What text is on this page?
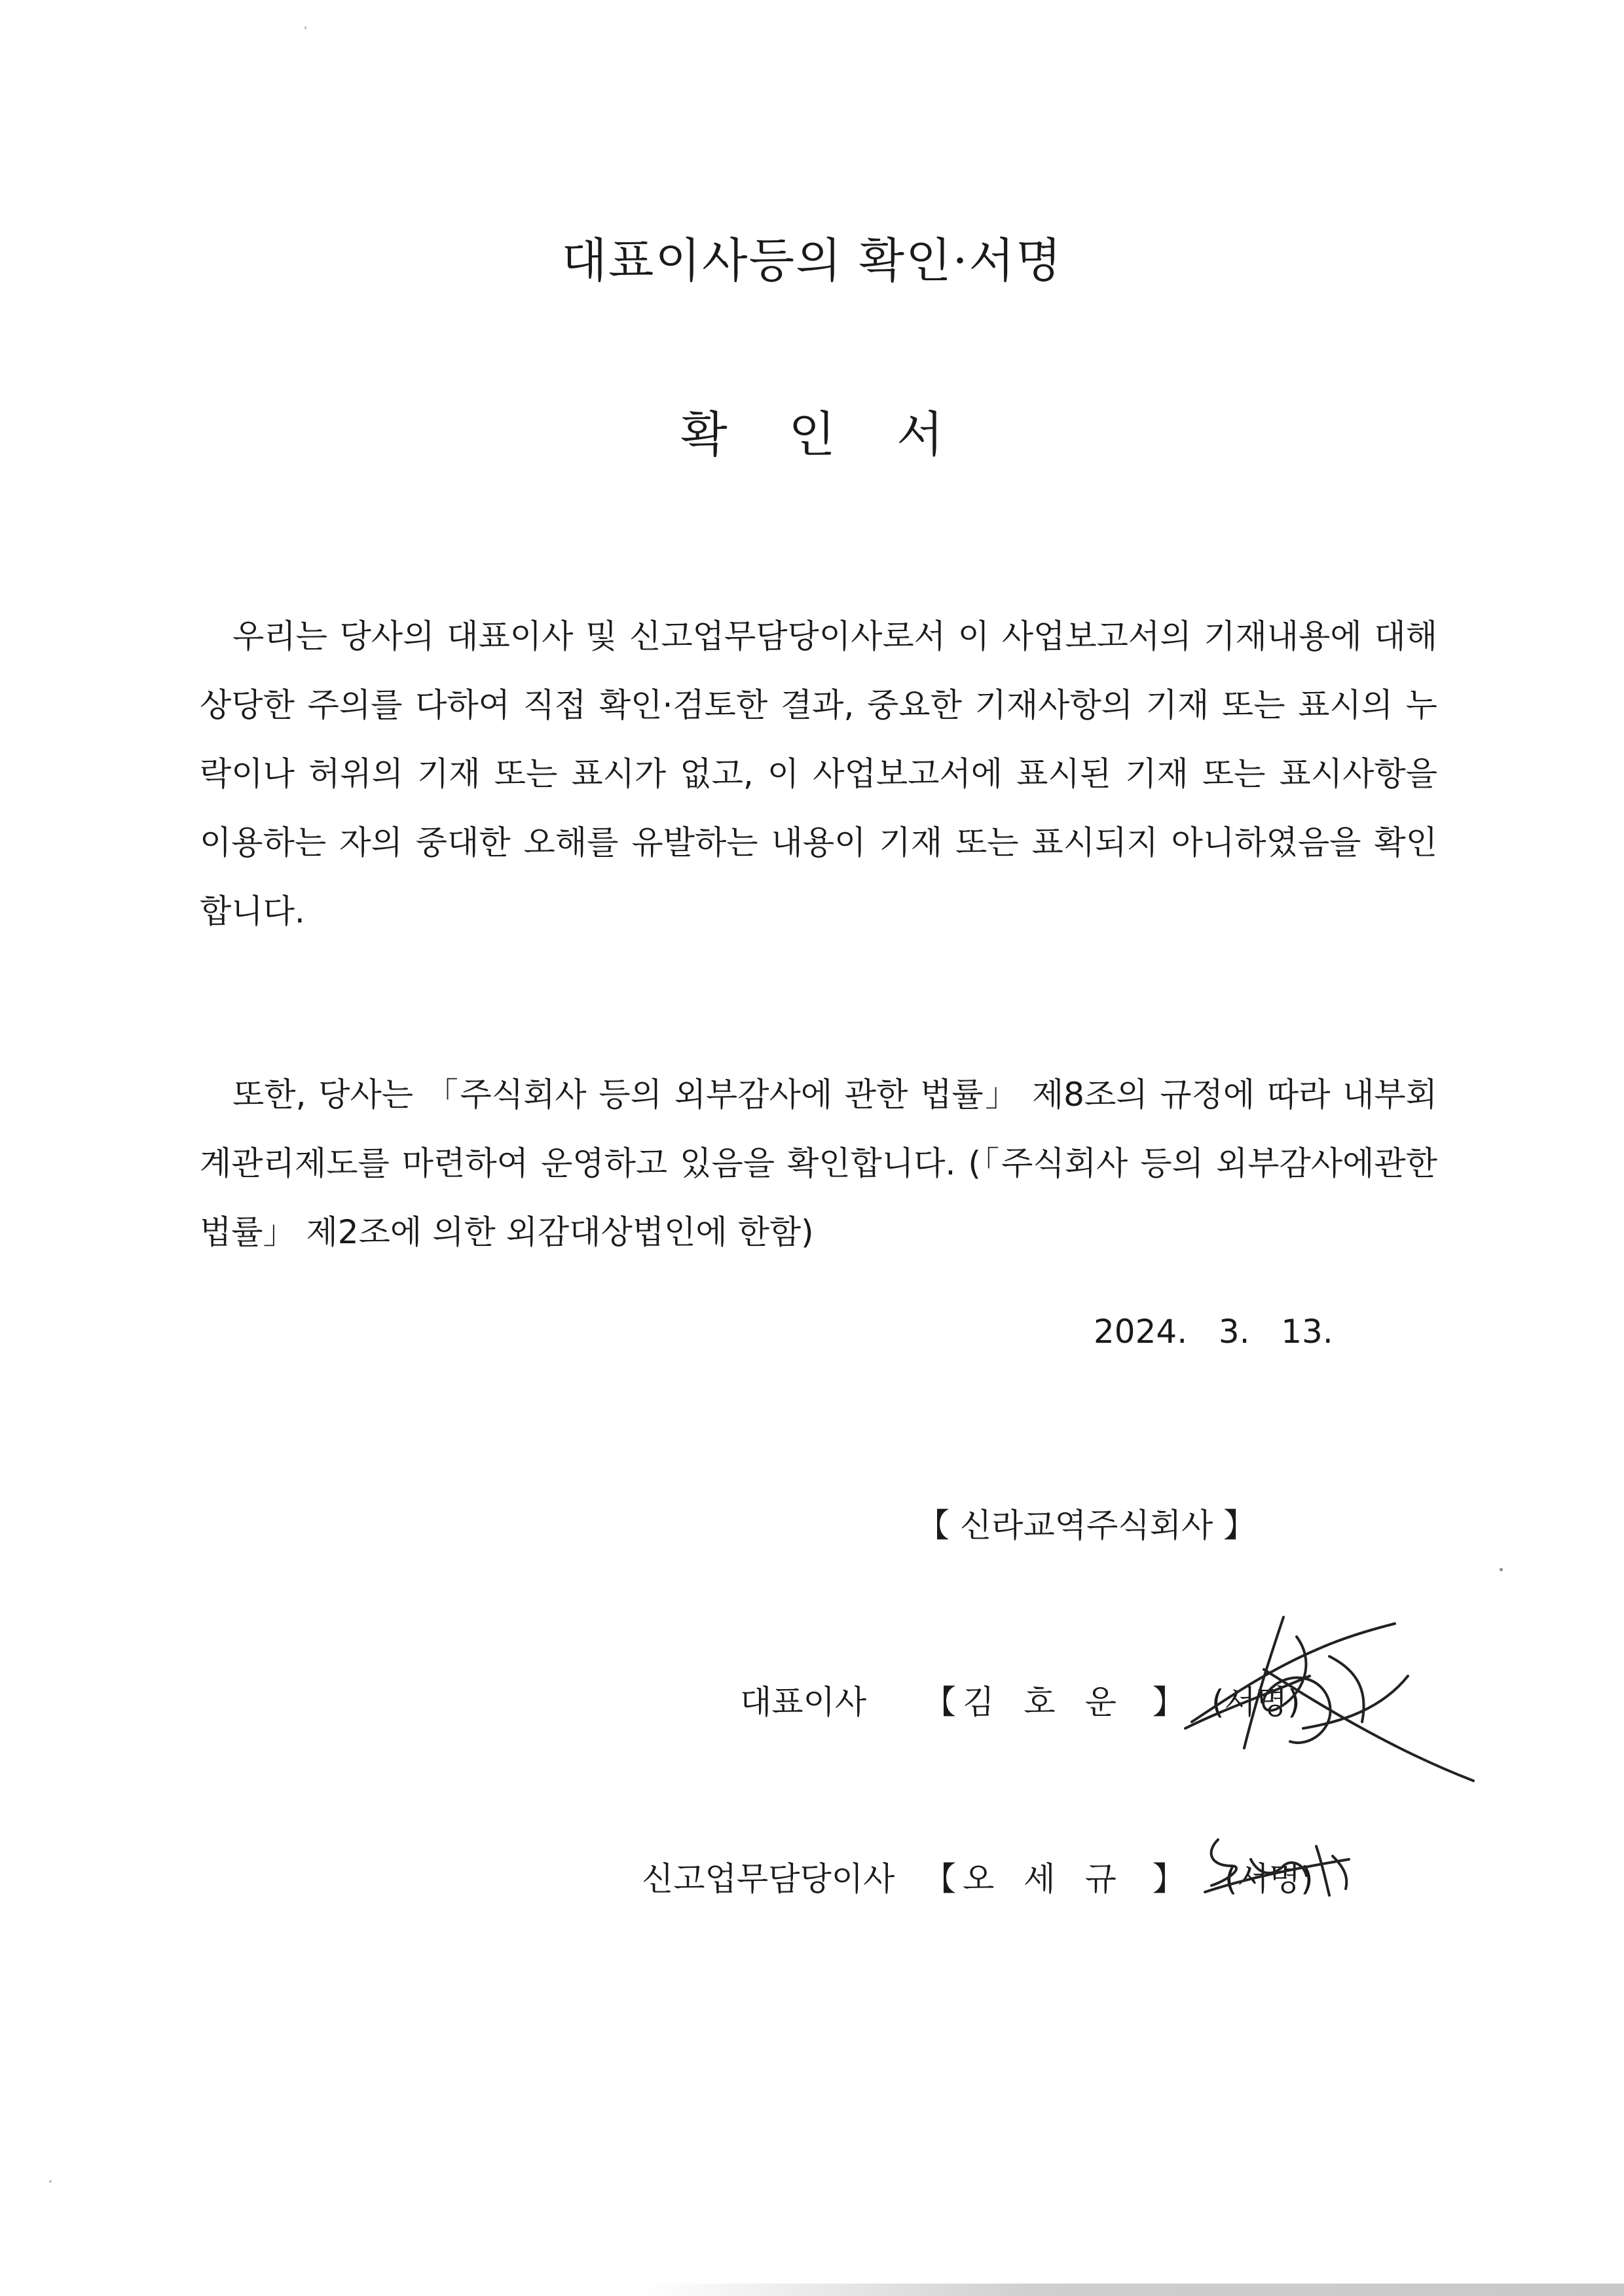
대표이사등의 확인·서명
확 인 서

우리는 당사의 대표이사 및 신고업무담당이사로서 이 사업보고서의 기재내용에 대해 상당한 주의를 다하여 직접 확인·검토한 결과, 중요한 기재사항의 기재 또는 표시의 누락이나 허위의 기재 또는 표시가 없고, 이 사업보고서에 표시된 기재 또는 표시사항을 이용하는 자의 중대한 오해를 유발하는 내용이 기재 또는 표시되지 아니하였음을 확인합니다.

또한, 당사는 「주식회사 등의 외부감사에 관한 법률」 제8조의 규정에 따라 내부회계관리제도를 마련하여 운영하고 있음을 확인합니다. (「주식회사 등의 외부감사에관한 법률」 제2조에 의한 외감대상법인에 한함)

2024.   3.   13.
【 신라교역주식회사 】
대표이사 【 김호운 】 (서명)
신고업무담당이사 【 오세규 】 (서명)
